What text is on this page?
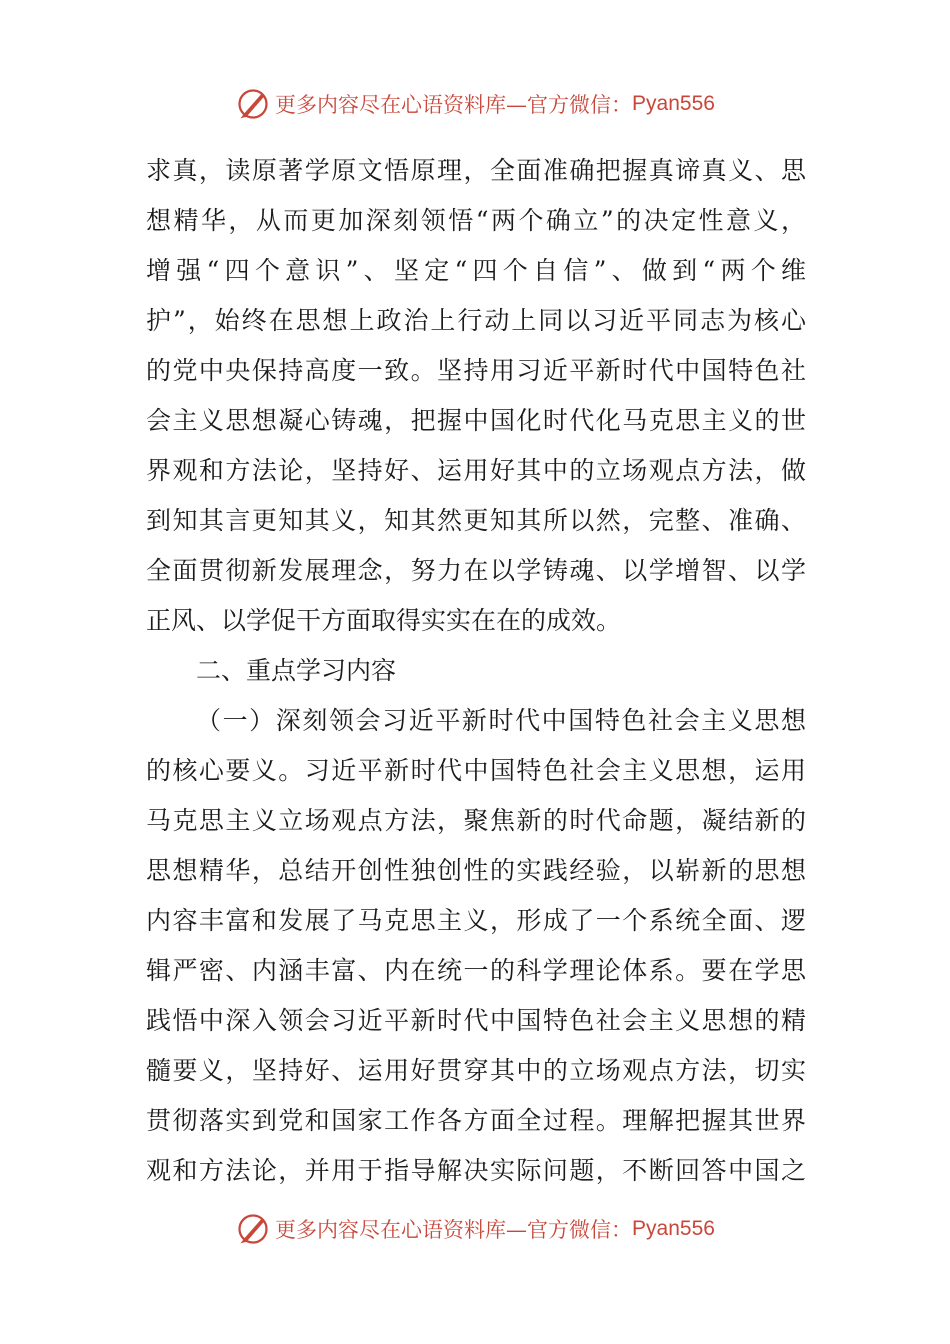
更多内容尽在心语资料库—官方微信： Pyan556
求真，读原著学原文悟原理，全面准确把握真谛真义、思
想精华，从而更加深刻领悟“两个确立”的决定性意义，
增强“四个意识”、坚定“四个自信”、做到“两个维
护”，始终在思想上政治上行动上同以习近平同志为核心
的党中央保持高度一致。坚持用习近平新时代中国特色社
会主义思想凝心铸魂，把握中国化时代化马克思主义的世
界观和方法论，坚持好、运用好其中的立场观点方法，做
到知其言更知其义，知其然更知其所以然，完整、准确、
全面贯彻新发展理念，努力在以学铸魂、以学增智、以学
正风、以学促干方面取得实实在在的成效。
二、重点学习内容
（一）深刻领会习近平新时代中国特色社会主义思想
的核心要义。习近平新时代中国特色社会主义思想，运用
马克思主义立场观点方法，聚焦新的时代命题，凝结新的
思想精华，总结开创性独创性的实践经验，以崭新的思想
内容丰富和发展了马克思主义，形成了一个系统全面、逻
辑严密、内涵丰富、内在统一的科学理论体系。要在学思
践悟中深入领会习近平新时代中国特色社会主义思想的精
髓要义，坚持好、运用好贯穿其中的立场观点方法，切实
贯彻落实到党和国家工作各方面全过程。理解把握其世界
观和方法论，并用于指导解决实际问题，不断回答中国之
更多内容尽在心语资料库—官方微信： Pyan556
